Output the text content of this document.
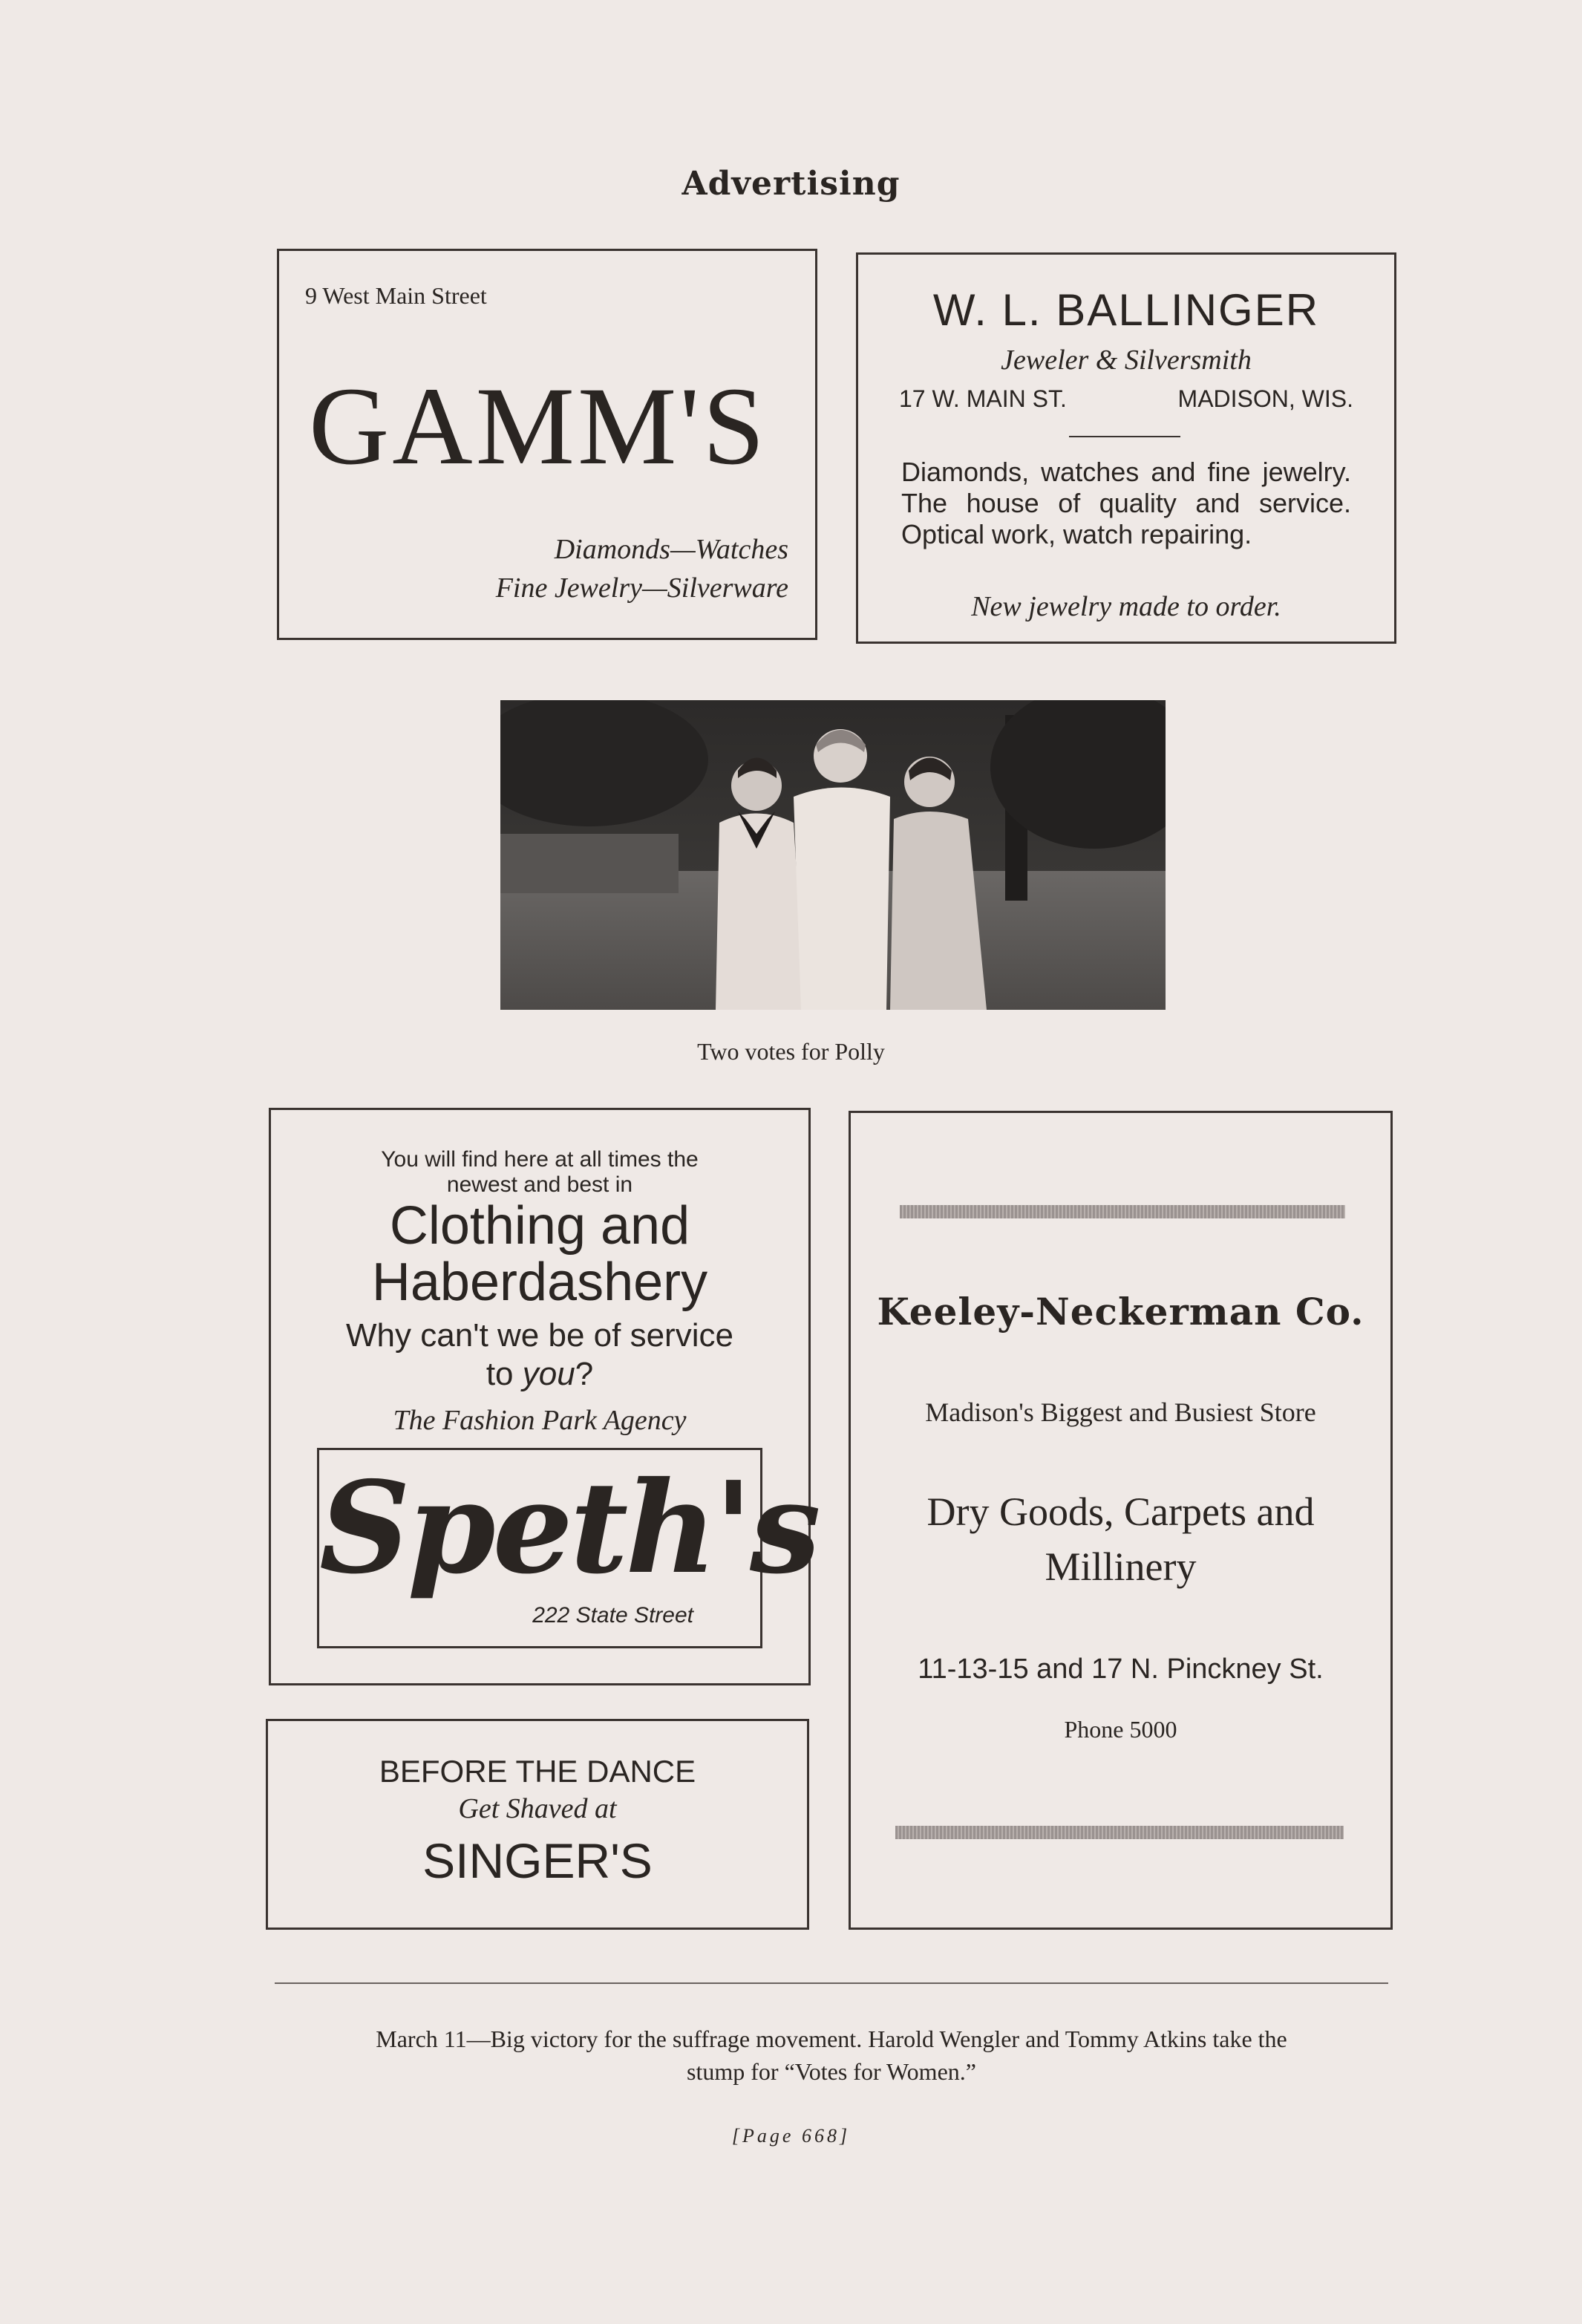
Advertising
9 West Main Street
GAMM'S
Diamonds—Watches
Fine Jewelry—Silverware
W. L. BALLINGER
Jeweler & Silversmith
17 W. MAIN ST.	MADISON, WIS.
Diamonds, watches and fine jewelry. The house of quality and service. Optical work, watch repairing.
New jewelry made to order.
Two votes for Polly
You will find here at all times the
newest and best in
Clothing and
Haberdashery
Why can't we be of service
to you?
The Fashion Park Agency
Speth's
222 State Street
BEFORE THE DANCE
Get Shaved at
SINGER'S
Keeley-Neckerman Co.
Madison's Biggest and Busiest Store
Dry Goods, Carpets and
Millinery
11-13-15 and 17 N. Pinckney St.
Phone 5000
March 11—Big victory for the suffrage movement. Harold Wengler and Tommy Atkins take the
stump for “Votes for Women.”
[Page 668]
